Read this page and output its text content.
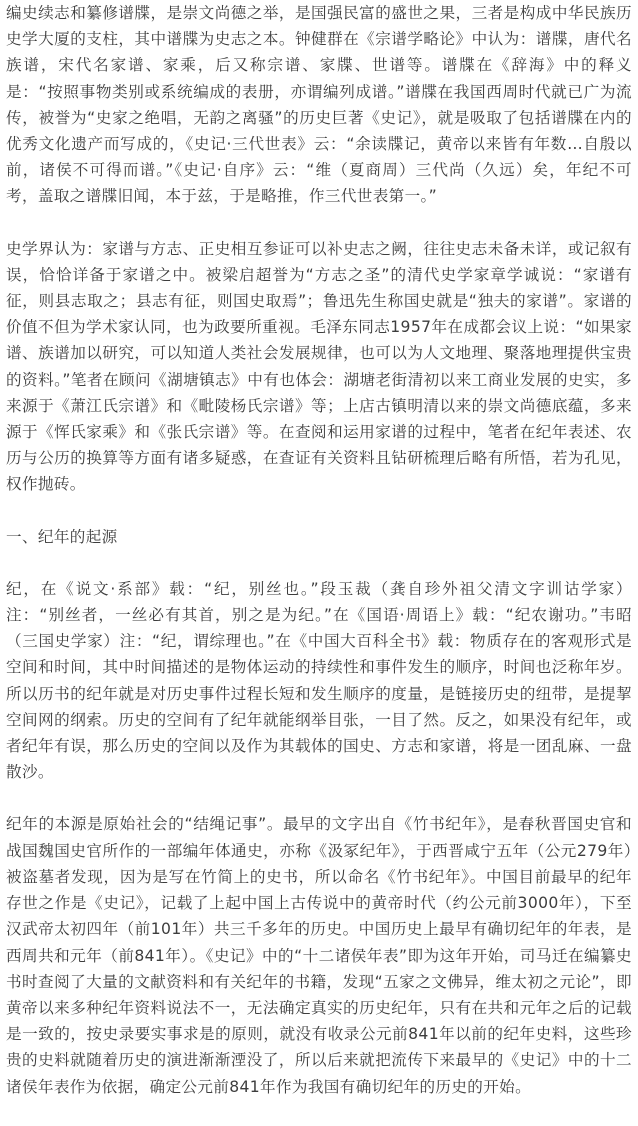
编史续志和纂修谱牒，是崇文尚德之举，是国强民富的盛世之果，三者是构成中华民族历史学大厦的支柱，其中谱牒为史志之本。钟健群在《宗谱学略论》中认为：谱牒，唐代名族谱，宋代名家谱、家乘，后又称宗谱、家牒、世谱等。谱牒在《辞海》中的释义是：“按照事物类别或系统编成的表册，亦谓编列成谱。”谱牒在我国西周时代就已广为流传，被誉为“史家之绝唱，无韵之离骚”的历史巨著《史记》，就是吸取了包括谱牒在内的优秀文化遗产而写成的，《史记·三代世表》云：“余读牒记，黄帝以来皆有年数…自殷以前，诸侯不可得而谱。”《史记·自序》云：“维（夏商周）三代尚（久远）矣，年纪不可考，盖取之谱牒旧闻，本于兹，于是略推，作三代世表第一。”

史学界认为：家谱与方志、正史相互参证可以补史志之阙，往往史志未备未详，或记叙有误，恰恰详备于家谱之中。被梁启超誉为“方志之圣”的清代史学家章学诚说：“家谱有征，则县志取之；县志有征，则国史取焉”；鲁迅先生称国史就是“独夫的家谱”。家谱的价值不但为学术家认同，也为政要所重视。毛泽东同志1957年在成都会议上说：“如果家谱、族谱加以研究，可以知道人类社会发展规律，也可以为人文地理、聚落地理提供宝贵的资料。”笔者在顾问《湖塘镇志》中有也体会：湖塘老街清初以来工商业发展的史实，多来源于《萧江氏宗谱》和《毗陵杨氏宗谱》等；上店古镇明清以来的崇文尚德底蕴，多来源于《恽氏家乘》和《张氏宗谱》等。在查阅和运用家谱的过程中，笔者在纪年表述、农历与公历的换算等方面有诸多疑惑，在查证有关资料且钻研梳理后略有所悟，若为孔见，权作抛砖。

一、纪年的起源

纪，在《说文·系部》载：“纪，别丝也。”段玉裁（龚自珍外祖父清文字训诂学家）注：“别丝者，一丝必有其首，别之是为纪。”在《国语·周语上》载：“纪农谢功。”韦昭（三国史学家）注：“纪，谓综理也。”在《中国大百科全书》载：物质存在的客观形式是空间和时间，其中时间描述的是物体运动的持续性和事件发生的顺序，时间也泛称年岁。所以历书的纪年就是对历史事件过程长短和发生顺序的度量，是链接历史的纽带，是提挈空间网的纲索。历史的空间有了纪年就能纲举目张，一目了然。反之，如果没有纪年，或者纪年有误，那么历史的空间以及作为其载体的国史、方志和家谱，将是一团乱麻、一盘散沙。

纪年的本源是原始社会的“结绳记事”。最早的文字出自《竹书纪年》，是春秋晋国史官和战国魏国史官所作的一部编年体通史，亦称《汲冢纪年》，于西晋咸宁五年（公元279年）被盗墓者发现，因为是写在竹简上的史书，所以命名《竹书纪年》。中国目前最早的纪年存世之作是《史记》，记载了上起中国上古传说中的黄帝时代（约公元前3000年），下至汉武帝太初四年（前101年）共三千多年的历史。中国历史上最早有确切纪年的年表，是西周共和元年（前841年）。《史记》中的“十二诸侯年表”即为这年开始，司马迁在编纂史书时查阅了大量的文献资料和有关纪年的书籍，发现“五家之文佛异，维太初之元论”，即黄帝以来多种纪年资料说法不一，无法确定真实的历史纪年，只有在共和元年之后的记载是一致的，按史录要实事求是的原则，就没有收录公元前841年以前的纪年史料，这些珍贵的史料就随着历史的演进渐渐湮没了，所以后来就把流传下来最早的《史记》中的十二诸侯年表作为依据，确定公元前841年作为我国有确切纪年的历史的开始。
